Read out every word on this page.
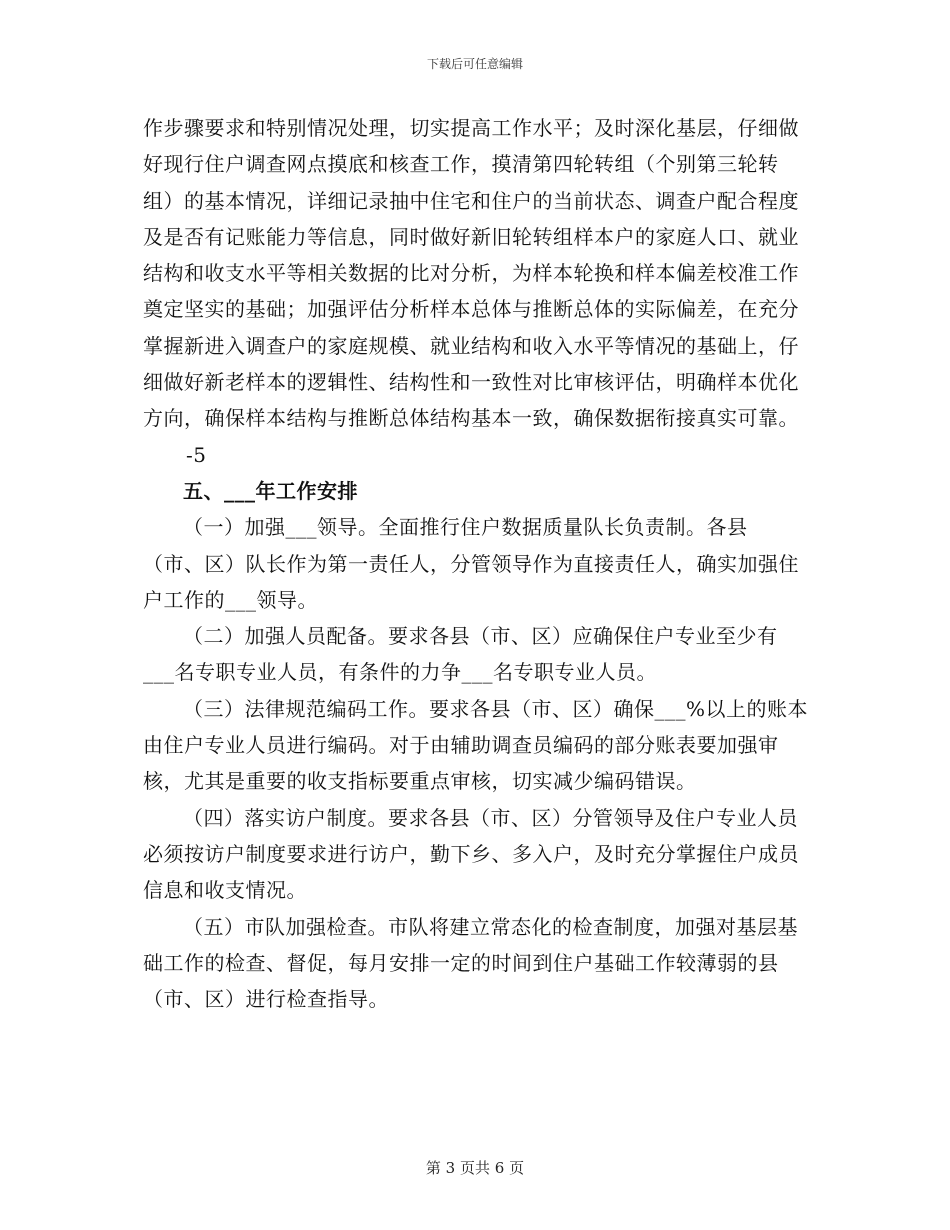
下载后可任意编辑

作步骤要求和特别情况处理，切实提高工作水平；及时深化基层，仔细做好现行住户调查网点摸底和核查工作，摸清第四轮转组（个别第三轮转组）的基本情况，详细记录抽中住宅和住户的当前状态、调查户配合程度及是否有记账能力等信息，同时做好新旧轮转组样本户的家庭人口、就业结构和收支水平等相关数据的比对分析，为样本轮换和样本偏差校准工作奠定坚实的基础；加强评估分析样本总体与推断总体的实际偏差，在充分掌握新进入调查户的家庭规模、就业结构和收入水平等情况的基础上，仔细做好新老样本的逻辑性、结构性和一致性对比审核评估，明确样本优化方向，确保样本结构与推断总体结构基本一致，确保数据衔接真实可靠。

-5

五、___年工作安排

（一）加强___领导。全面推行住户数据质量队长负责制。各县（市、区）队长作为第一责任人，分管领导作为直接责任人，确实加强住户工作的___领导。

（二）加强人员配备。要求各县（市、区）应确保住户专业至少有___名专职专业人员，有条件的力争___名专职专业人员。

（三）法律规范编码工作。要求各县（市、区）确保___%以上的账本由住户专业人员进行编码。对于由辅助调查员编码的部分账表要加强审核，尤其是重要的收支指标要重点审核，切实减少编码错误。

（四）落实访户制度。要求各县（市、区）分管领导及住户专业人员必须按访户制度要求进行访户，勤下乡、多入户，及时充分掌握住户成员信息和收支情况。

（五）市队加强检查。市队将建立常态化的检查制度，加强对基层基础工作的检查、督促，每月安排一定的时间到住户基础工作较薄弱的县（市、区）进行检查指导。

第 3 页共 6 页
